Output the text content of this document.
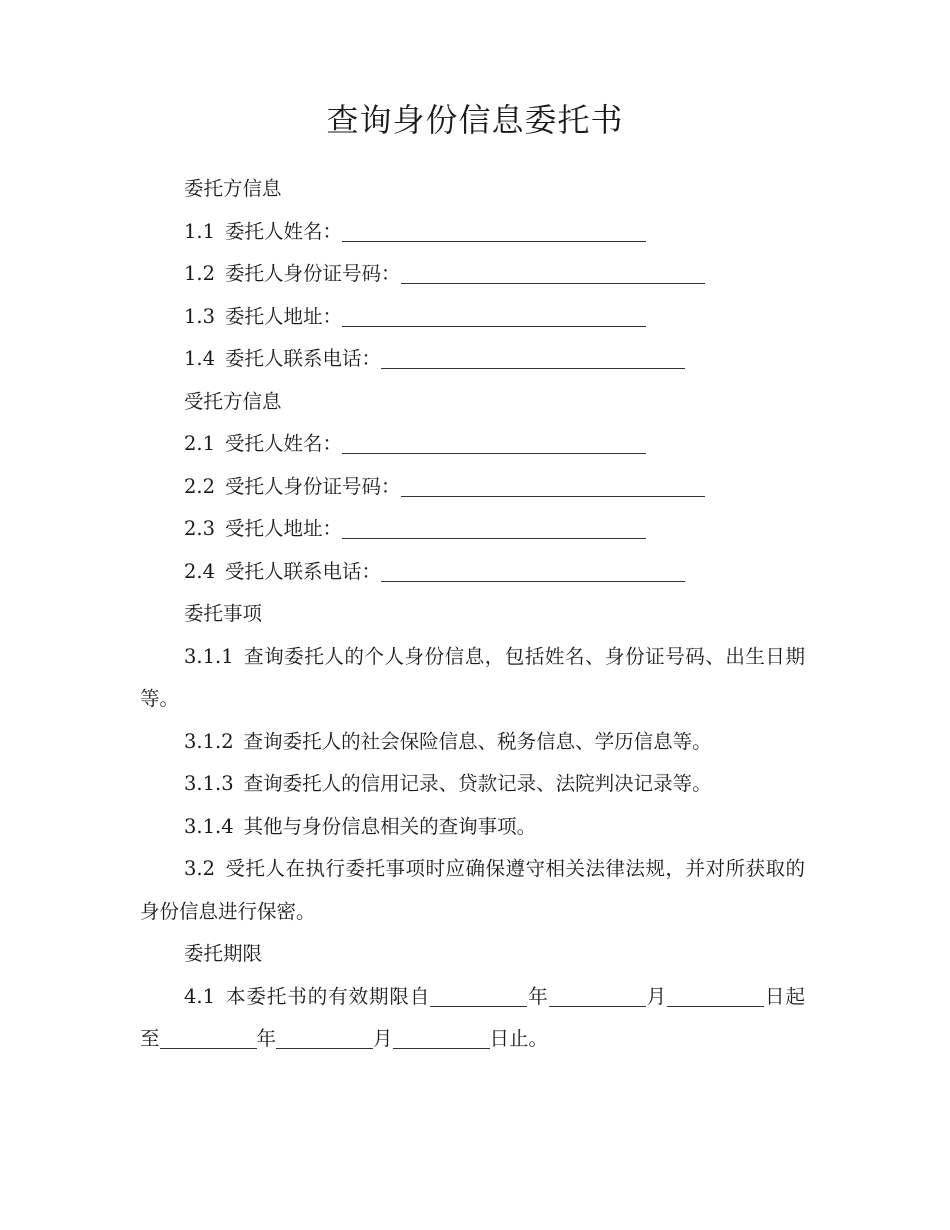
查询身份信息委托书
委托方信息
1.1 委托人姓名：
1.2 委托人身份证号码：
1.3 委托人地址：
1.4 委托人联系电话：
受托方信息
2.1 受托人姓名：
2.2 受托人身份证号码：
2.3 受托人地址：
2.4 受托人联系电话：
委托事项
3.1.1 查询委托人的个人身份信息，包括姓名、身份证号码、出生日期等。
3.1.2 查询委托人的社会保险信息、税务信息、学历信息等。
3.1.3 查询委托人的信用记录、贷款记录、法院判决记录等。
3.1.4 其他与身份信息相关的查询事项。
3.2 受托人在执行委托事项时应确保遵守相关法律法规，并对所获取的身份信息进行保密。
委托期限
4.1 本委托书的有效期限自	年	月	日起至	年	月	日止。
